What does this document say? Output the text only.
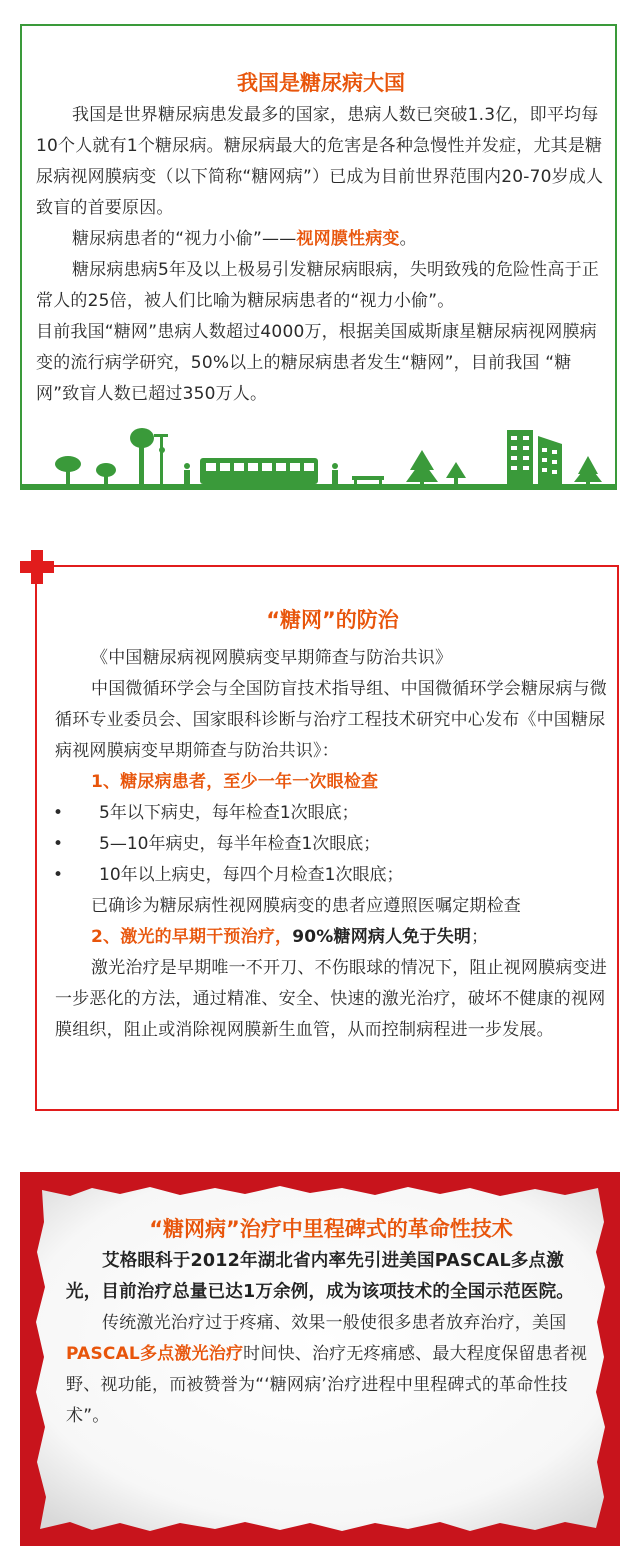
我国是糖尿病大国

我国是世界糖尿病患发最多的国家，患病人数已突破1.3亿，即平均每10个人就有1个糖尿病。糖尿病最大的危害是各种急慢性并发症，尤其是糖尿病视网膜病变（以下简称“糖网病”）已成为目前世界范围内20-70岁成人致盲的首要原因。

糖尿病患者的“视力小偷”——视网膜性病变。

糖尿病患病5年及以上极易引发糖尿病眼病，失明致残的危险性高于正常人的25倍，被人们比喻为糖尿病患者的“视力小偷”。

目前我国“糖网”患病人数超过4000万，根据美国威斯康星糖尿病视网膜病变的流行病学研究，50%以上的糖尿病患者发生“糖网”，目前我国 “糖网”致盲人数已超过350万人。

“糖网”的防治

《中国糖尿病视网膜病变早期筛查与防治共识》

中国微循环学会与全国防盲技术指导组、中国微循环学会糖尿病与微循环专业委员会、国家眼科诊断与治疗工程技术研究中心发布《中国糖尿病视网膜病变早期筛查与防治共识》：

1、糖尿病患者，至少一年一次眼检查

• 5年以下病史，每年检查1次眼底；
• 5—10年病史，每半年检查1次眼底；
• 10年以上病史，每四个月检查1次眼底；

已确诊为糖尿病性视网膜病变的患者应遵照医嘱定期检查

2、激光的早期干预治疗，90%糖网病人免于失明；

激光治疗是早期唯一不开刀、不伤眼球的情况下，阻止视网膜病变进一步恶化的方法，通过精准、安全、快速的激光治疗，破坏不健康的视网膜组织，阻止或消除视网膜新生血管，从而控制病程进一步发展。

“糖网病”治疗中里程碑式的革命性技术

艾格眼科于2012年湖北省内率先引进美国PASCAL多点激光，目前治疗总量已达1万余例，成为该项技术的全国示范医院。

传统激光治疗过于疼痛、效果一般使很多患者放弃治疗，美国PASCAL多点激光治疗时间快、治疗无疼痛感、最大程度保留患者视野、视功能，而被赞誉为“‘糖网病’治疗进程中里程碑式的革命性技术”。
